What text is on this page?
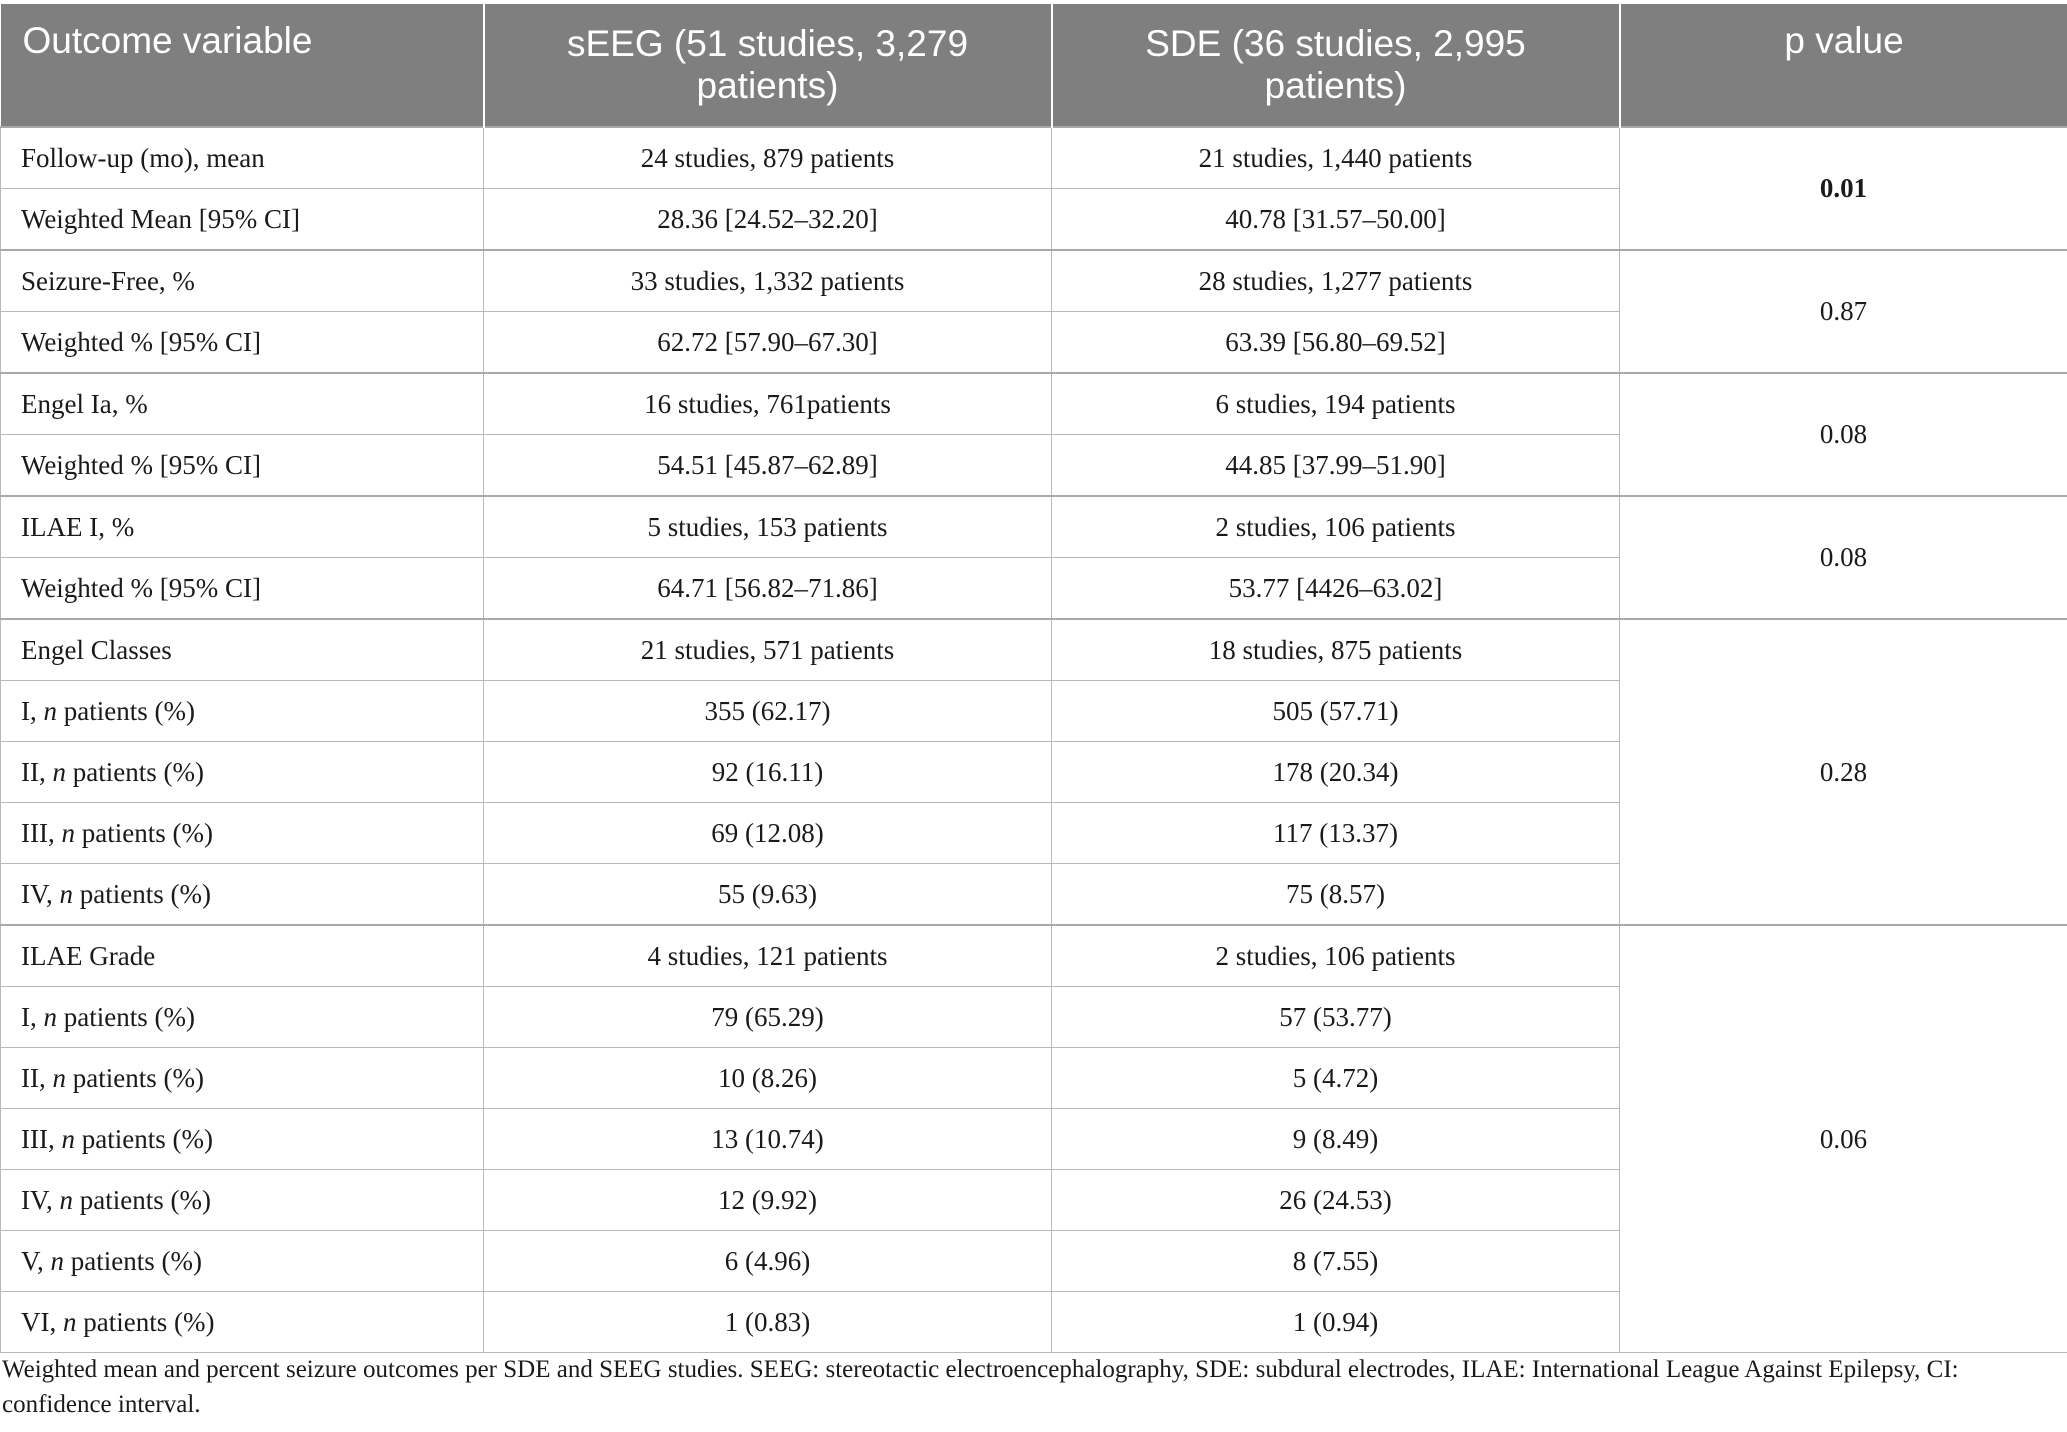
Outcome variable	sEEG (51 studies, 3,279 patients)	SDE (36 studies, 2,995 patients)	p value
Follow-up (mo), mean	24 studies, 879 patients	21 studies, 1,440 patients	0.01
Weighted Mean [95% CI]	28.36 [24.52–32.20]	40.78 [31.57–50.00]	
Seizure-Free, %	33 studies, 1,332 patients	28 studies, 1,277 patients	0.87
Weighted % [95% CI]	62.72 [57.90–67.30]	63.39 [56.80–69.52]	
Engel Ia, %	16 studies, 761patients	6 studies, 194 patients	0.08
Weighted % [95% CI]	54.51 [45.87–62.89]	44.85 [37.99–51.90]	
ILAE I, %	5 studies, 153 patients	2 studies, 106 patients	0.08
Weighted % [95% CI]	64.71 [56.82–71.86]	53.77 [4426–63.02]	
Engel Classes	21 studies, 571 patients	18 studies, 875 patients	0.28
I, n patients (%)	355 (62.17)	505 (57.71)	
II, n patients (%)	92 (16.11)	178 (20.34)	
III, n patients (%)	69 (12.08)	117 (13.37)	
IV, n patients (%)	55 (9.63)	75 (8.57)	
ILAE Grade	4 studies, 121 patients	2 studies, 106 patients	0.06
I, n patients (%)	79 (65.29)	57 (53.77)	
II, n patients (%)	10 (8.26)	5 (4.72)	
III, n patients (%)	13 (10.74)	9 (8.49)	
IV, n patients (%)	12 (9.92)	26 (24.53)	
V, n patients (%)	6 (4.96)	8 (7.55)	
VI, n patients (%)	1 (0.83)	1 (0.94)	
Weighted mean and percent seizure outcomes per SDE and SEEG studies. SEEG: stereotactic electroencephalography, SDE: subdural electrodes, ILAE: International League Against Epilepsy, CI: confidence interval.
